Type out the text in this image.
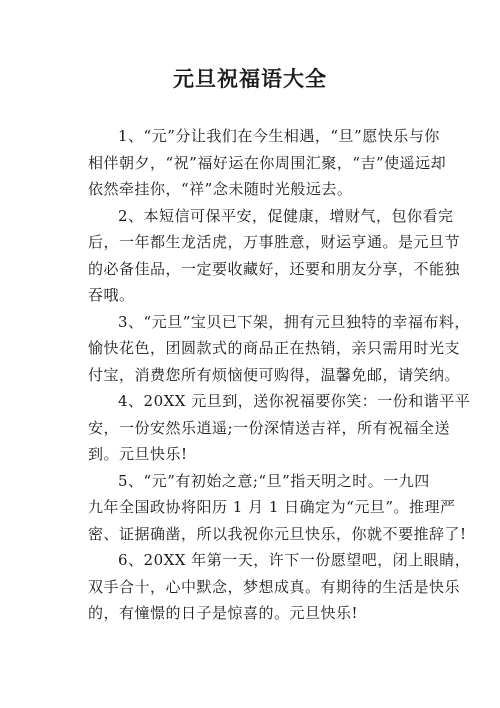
元旦祝福语大全

1、“元”分让我们在今生相遇，“旦”愿快乐与你
相伴朝夕，“祝”福好运在你周围汇聚，“吉”使遥远却
依然牵挂你，“祥”念未随时光般远去。

2、本短信可保平安，促健康，增财气，包你看完
后，一年都生龙活虎，万事胜意，财运亨通。是元旦节
的必备佳品，一定要收藏好，还要和朋友分享，不能独
吞哦。

3、“元旦”宝贝已下架，拥有元旦独特的幸福布料，
愉快花色，团圆款式的商品正在热销，亲只需用时光支
付宝，消费您所有烦恼便可购得，温馨免邮，请笑纳。

4、20XX 元旦到，送你祝福要你笑：一份和谐平平
安，一份安然乐逍遥;一份深情送吉祥，所有祝福全送
到。元旦快乐!

5、“元”有初始之意;“旦”指天明之时。一九四
九年全国政协将阳历 1 月 1 日确定为“元旦”。推理严
密、证据确凿，所以我祝你元旦快乐，你就不要推辞了!

6、20XX 年第一天，许下一份愿望吧，闭上眼睛，
双手合十，心中默念，梦想成真。有期待的生活是快乐
的，有憧憬的日子是惊喜的。元旦快乐!
